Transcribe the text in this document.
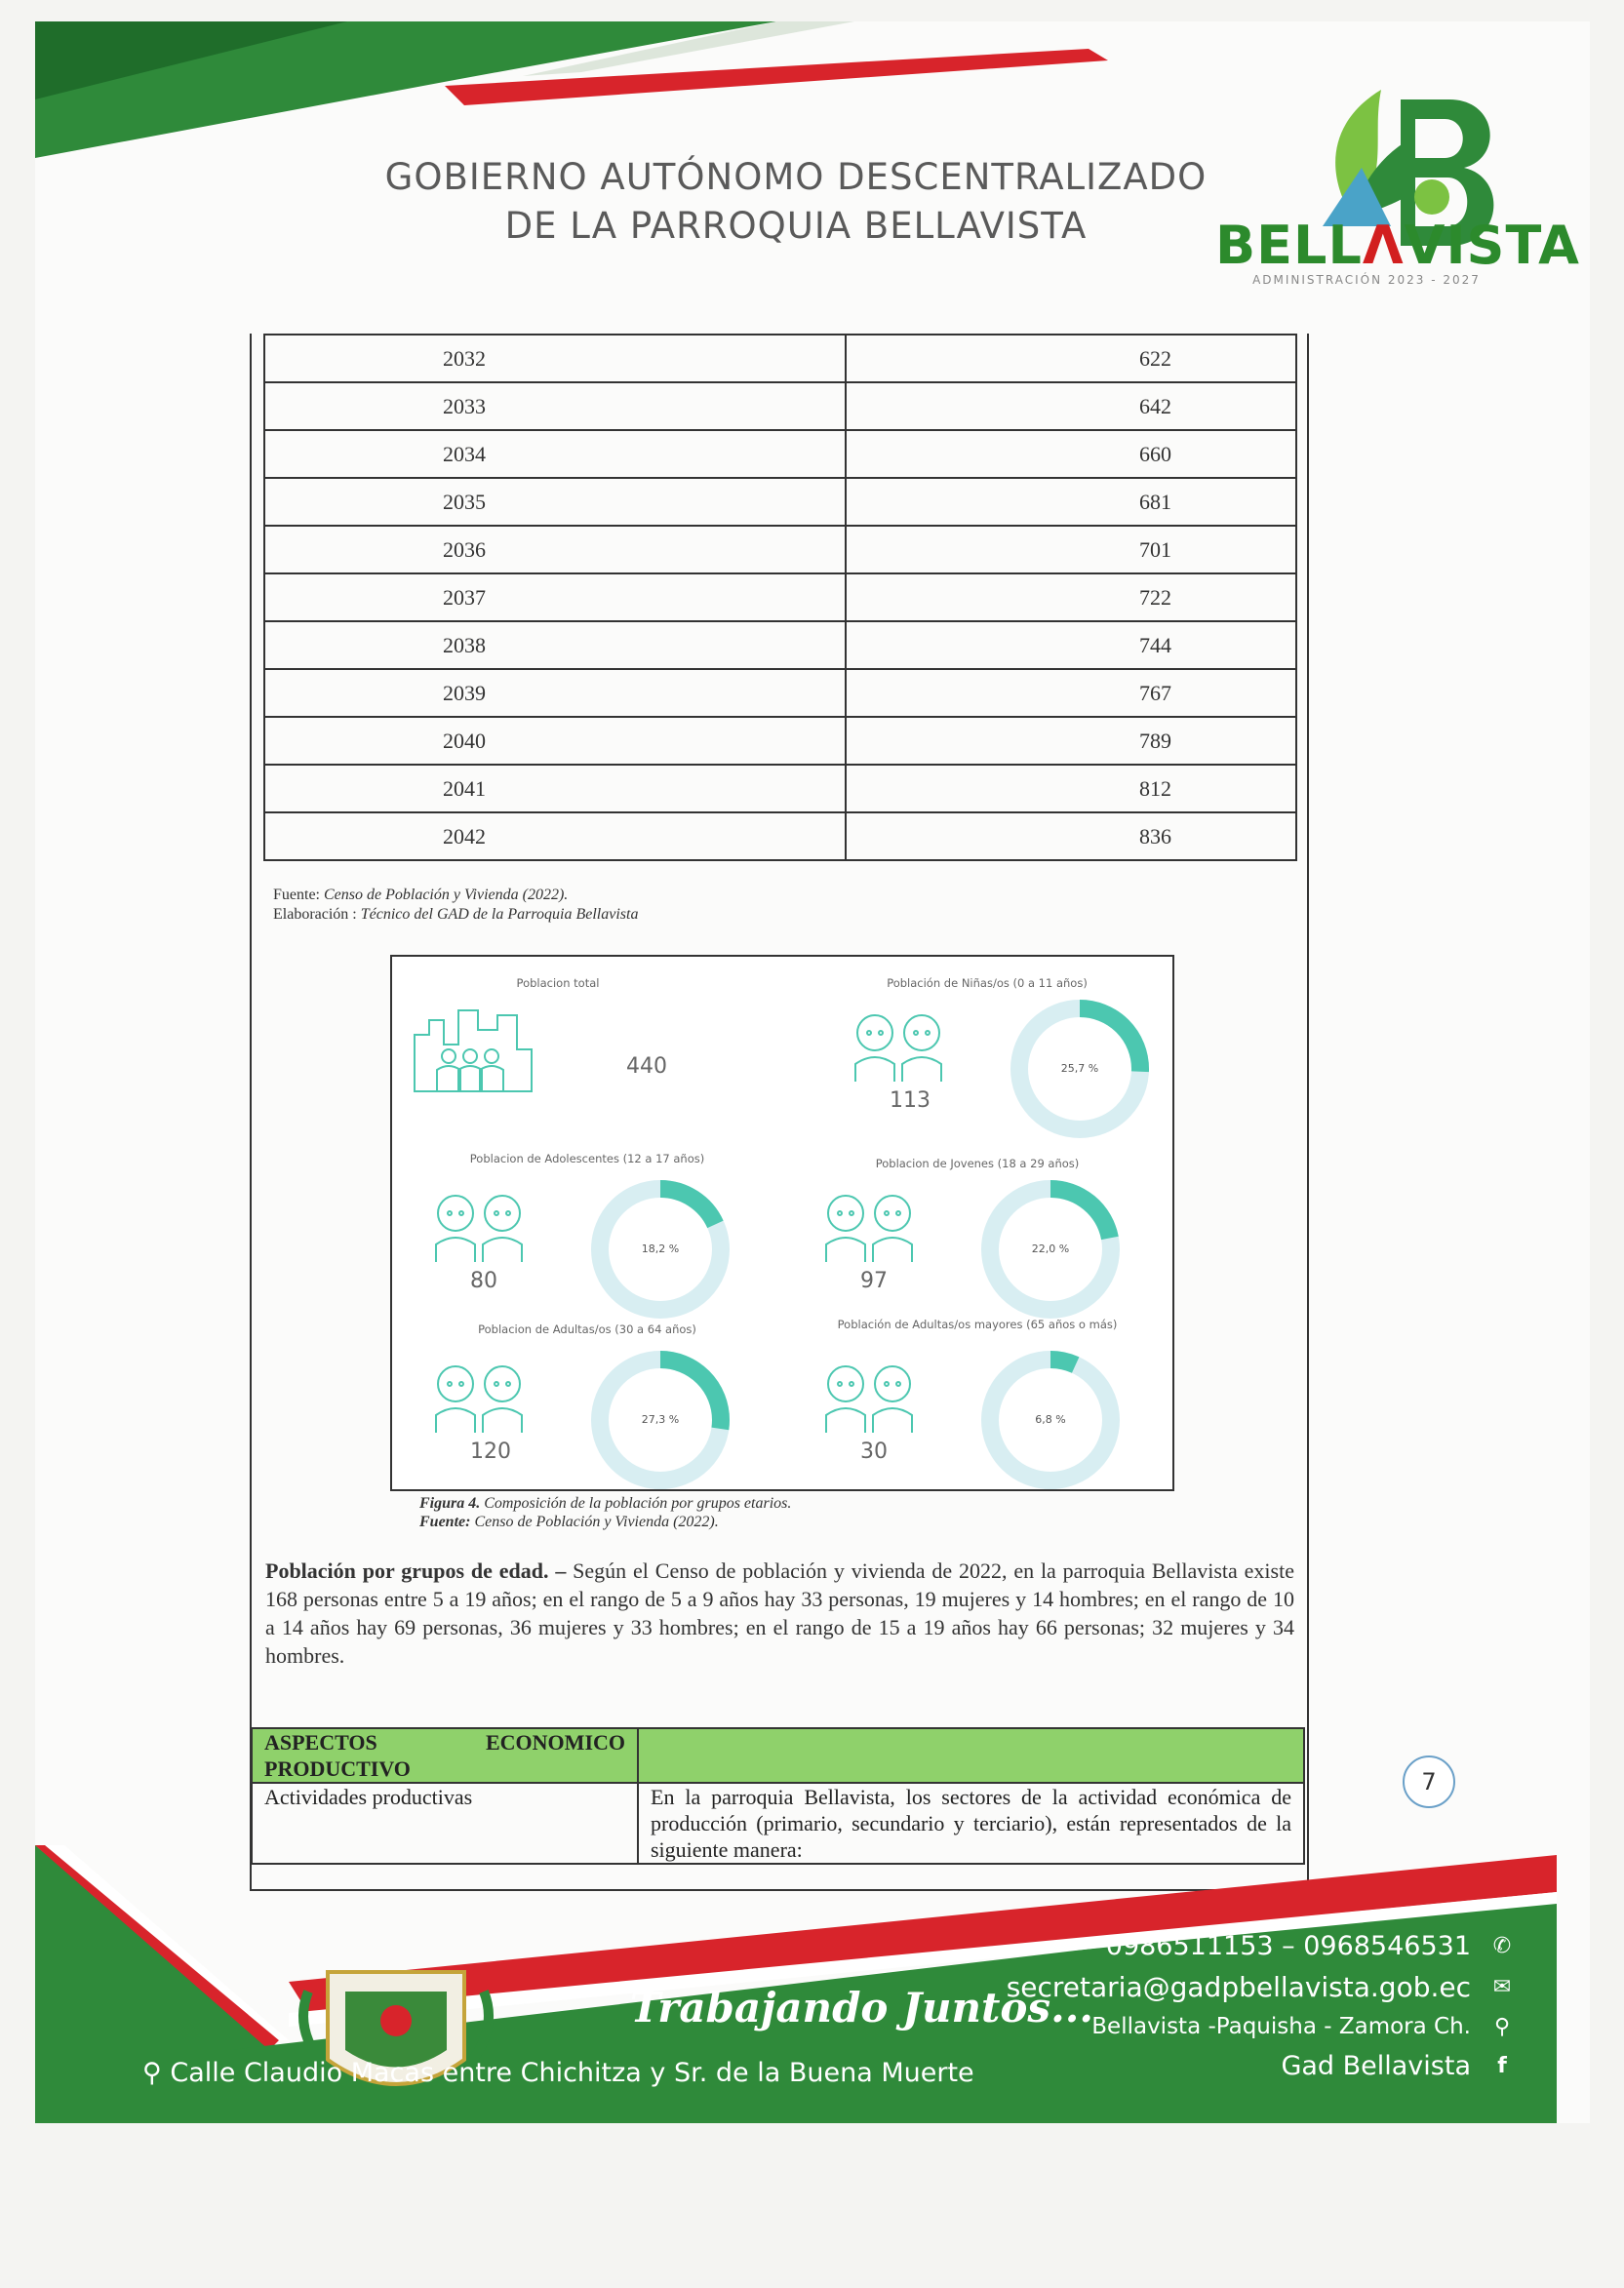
GOBIERNO AUTÓNOMO DESCENTRALIZADO
DE LA PARROQUIA BELLAVISTA	BELLΛVISTA
ADMINISTRACIÓN 2023 - 2027
2032	622
2033	642
2034	660
2035	681
2036	701
2037	722
2038	744
2039	767
2040	789
2041	812
2042	836
Fuente: Censo de Población y Vivienda (2022).
Elaboración : Técnico del GAD de la Parroquia Bellavista
Poblacion total
440
Población de Niñas/os (0 a 11 años)
113
25,7 %
Poblacion de Adolescentes (12 a 17 años)
80
18,2 %
Poblacion de Jovenes (18 a 29 años)
97
22,0 %
Poblacion de Adultas/os (30 a 64 años)
120
27,3 %
Población de Adultas/os mayores (65 años o más)
30
6,8 %
Figura 4. Composición de la población por grupos etarios.
Fuente: Censo de Población y Vivienda (2022).
Población por grupos de edad. – Según el Censo de población y vivienda de 2022, en la parroquia Bellavista existe 168 personas entre 5 a 19 años; en el rango de 5 a 9 años hay 33 personas, 19 mujeres y 14 hombres; en el rango de 10 a 14 años hay 69 personas, 36 mujeres y 33 hombres; en el rango de 15 a 19 años hay 66 personas; 32 mujeres y 34 hombres.
ASPECTOS ECONOMICO
PRODUCTIVO	

Actividades productivas	En la parroquia Bellavista, los sectores de la actividad económica de producción (primario, secundario y terciario), están representados de la siguiente manera:
7
Trabajando Juntos...
0986511153 – 0968546531	✆
secretaria@gadpbellavista.gob.ec	✉
Bellavista -Paquisha - Zamora Ch.	⚲
Gad Bellavista	f
⚲ Calle Claudio Macas entre Chichitza y Sr. de la Buena Muerte
